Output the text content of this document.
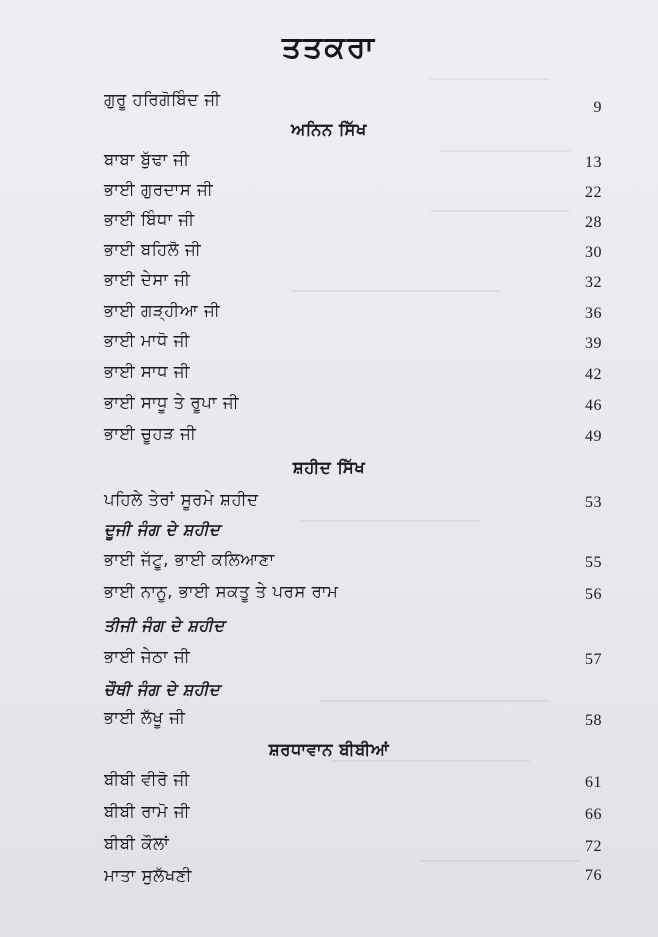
ਤਤਕਰਾ
ਗੁਰੂ ਹਰਿਗੋਬਿੰਦ ਜੀ	9
ਅਨਿਨ ਸਿੱਖ
ਬਾਬਾ ਬੁੱਢਾ ਜੀ	13
ਭਾਈ ਗੁਰਦਾਸ ਜੀ	22
ਭਾਈ ਬਿੰਧਾ ਜੀ	28
ਭਾਈ ਬਹਿਲੋ ਜੀ	30
ਭਾਈ ਦੇਸਾ ਜੀ	32
ਭਾਈ ਗੜ੍ਹੀਆ ਜੀ	36
ਭਾਈ ਮਾਧੋ ਜੀ	39
ਭਾਈ ਸਾਧ ਜੀ	42
ਭਾਈ ਸਾਧੂ ਤੇ ਰੂਪਾ ਜੀ	46
ਭਾਈ ਚੂਹੜ ਜੀ	49
ਸ਼ਹੀਦ ਸਿੱਖ
ਪਹਿਲੇ ਤੇਰਾਂ ਸੂਰਮੇ ਸ਼ਹੀਦ	53
ਦੂਜੀ ਜੰਗ ਦੇ ਸ਼ਹੀਦ
ਭਾਈ ਜੱਟੂ, ਭਾਈ ਕਲਿਆਣਾ	55
ਭਾਈ ਨਾਨੂ, ਭਾਈ ਸਕਤੂ ਤੇ ਪਰਸ ਰਾਮ	56
ਤੀਜੀ ਜੰਗ ਦੇ ਸ਼ਹੀਦ
ਭਾਈ ਜੇਠਾ ਜੀ	57
ਚੌਥੀ ਜੰਗ ਦੇ ਸ਼ਹੀਦ
ਭਾਈ ਲੱਖੂ ਜੀ	58
ਸ਼ਰਧਾਵਾਨ ਬੀਬੀਆਂ
ਬੀਬੀ ਵੀਰੋ ਜੀ	61
ਬੀਬੀ ਰਾਮੋ ਜੀ	66
ਬੀਬੀ ਕੌਲਾਂ	72
ਮਾਤਾ ਸੁਲੱਖਣੀ	76
